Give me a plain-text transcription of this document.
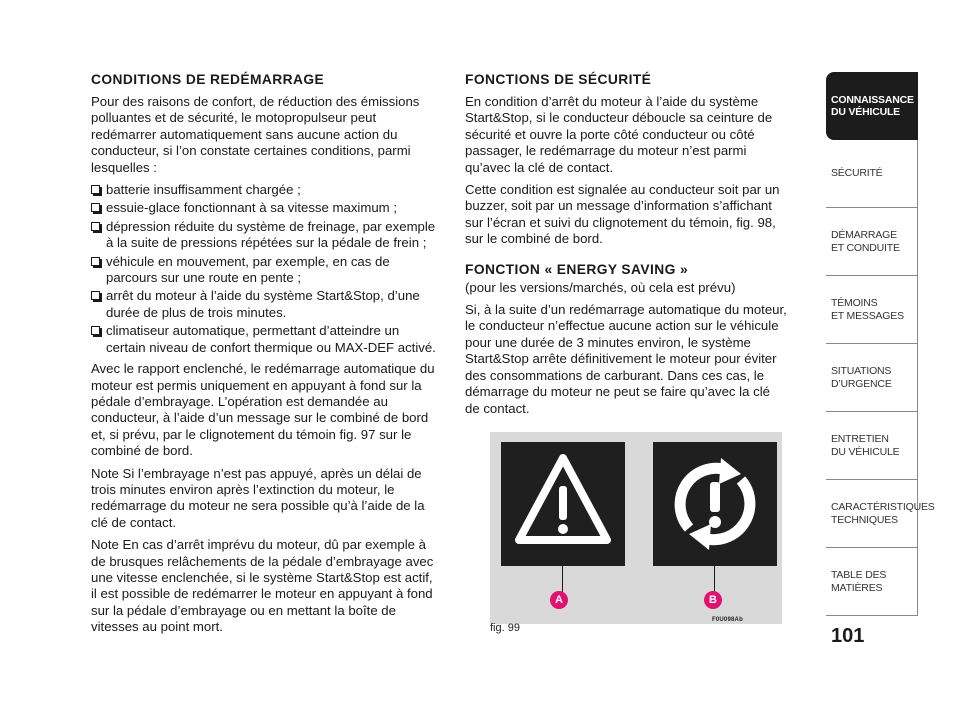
CONDITIONS DE REDÉMARRAGE

Pour des raisons de confort, de réduction des émissions polluantes et de sécurité, le motopropulseur peut redémarrer automatiquement sans aucune action du conducteur, si l’on constate certaines conditions, parmi lesquelles :

batterie insuffisamment chargée ;
essuie-glace fonctionnant à sa vitesse maximum ;
dépression réduite du système de freinage, par exemple à la suite de pressions répétées sur la pédale de frein ;
véhicule en mouvement, par exemple, en cas de parcours sur une route en pente ;
arrêt du moteur à l’aide du système Start&Stop, d’une durée de plus de trois minutes.
climatiseur automatique, permettant d’atteindre un certain niveau de confort thermique ou MAX-DEF activé.

Avec le rapport enclenché, le redémarrage automatique du moteur est permis uniquement en appuyant à fond sur la pédale d’embrayage. L’opération est demandée au conducteur, à l’aide d’un message sur le combiné de bord et, si prévu, par le clignotement du témoin fig. 97 sur le combiné de bord.

Note Si l’embrayage n’est pas appuyé, après un délai de trois minutes environ après l’extinction du moteur, le redémarrage du moteur ne sera possible qu’à l’aide de la clé de contact.

Note En cas d’arrêt imprévu du moteur, dû par exemple à de brusques relâchements de la pédale d’embrayage avec une vitesse enclenchée, si le système Start&Stop est actif, il est possible de redémarrer le moteur en appuyant à fond sur la pédale d’embrayage ou en mettant la boîte de vitesses au point mort.

FONCTIONS DE SÉCURITÉ

En condition d’arrêt du moteur à l’aide du système Start&Stop, si le conducteur déboucle sa ceinture de sécurité et ouvre la porte côté conducteur ou côté passager, le redémarrage du moteur n’est parmi qu’avec la clé de contact.

Cette condition est signalée au conducteur soit par un buzzer, soit par un message d’information s’affichant sur l’écran et suivi du clignotement du témoin, fig. 98, sur le combiné de bord.

FONCTION « ENERGY SAVING »

(pour les versions/marchés, où cela est prévu)

Si, à la suite d’un redémarrage automatique du moteur, le conducteur n’effectue aucune action sur le véhicule pour une durée de 3 minutes environ, le système Start&Stop arrête définitivement le moteur pour éviter des consommations de carburant. Dans ces cas, le démarrage du moteur ne peut se faire qu’avec la clé de contact.

A	B
F0U098Ab
fig. 99
CONNAISSANCE
DU VÉHICULE
SÉCURITÉ
DÉMARRAGE
ET CONDUITE
TÉMOINS
ET MESSAGES
SITUATIONS
D’URGENCE
ENTRETIEN
DU VÉHICULE
CARACTÉRISTIQUES
TECHNIQUES
TABLE DES
MATIÈRES
101
